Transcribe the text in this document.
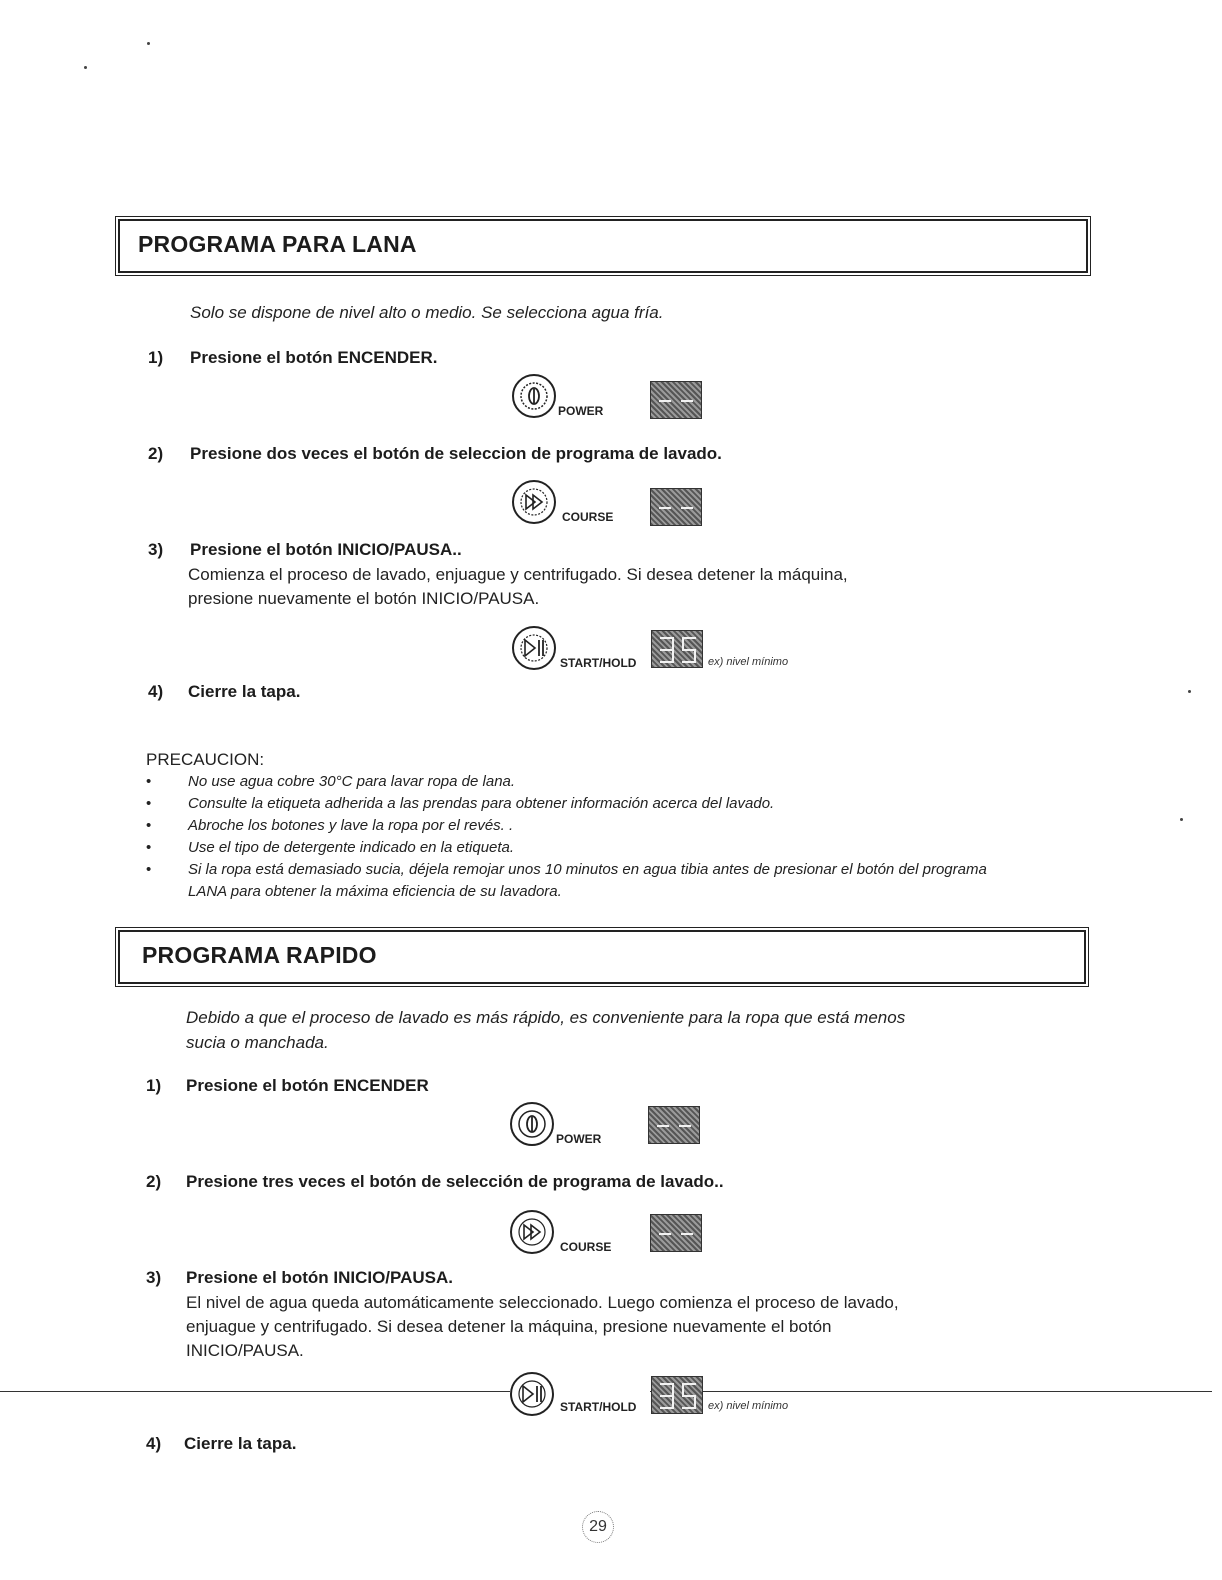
PROGRAMA PARA LANA
Solo se dispone de nivel alto o medio. Se selecciona agua fría.
1) Presione el botón ENCENDER.
POWER
2) Presione dos veces el botón de seleccion de programa de lavado.
COURSE
3) Presione el botón INICIO/PAUSA..
Comienza el proceso de lavado, enjuague y centrifugado. Si desea detener la máquina,
presione nuevamente el botón INICIO/PAUSA.
START/HOLD	ex) nivel mínimo
4) Cierre la tapa.
PRECAUCION:
• No use agua cobre 30°C para lavar ropa de lana.
• Consulte la etiqueta adherida a las prendas para obtener información acerca del lavado.
• Abroche los botones y lave la ropa por el revés. .
• Use el tipo de detergente indicado en la etiqueta.
• Si la ropa está demasiado sucia, déjela remojar unos 10 minutos en agua tibia antes de presionar el botón del programa
LANA para obtener la máxima eficiencia de su lavadora.
PROGRAMA RAPIDO
Debido a que el proceso de lavado es más rápido, es conveniente para la ropa que está menos
sucia o manchada.
1) Presione el botón ENCENDER
POWER
2) Presione tres veces el botón de selección de programa de lavado..
COURSE
3) Presione el botón INICIO/PAUSA.
El nivel de agua queda automáticamente seleccionado. Luego comienza el proceso de lavado,
enjuague y centrifugado. Si desea detener la máquina, presione nuevamente el botón
INICIO/PAUSA.
START/HOLD	ex) nivel mínimo
4) Cierre la tapa.
29
